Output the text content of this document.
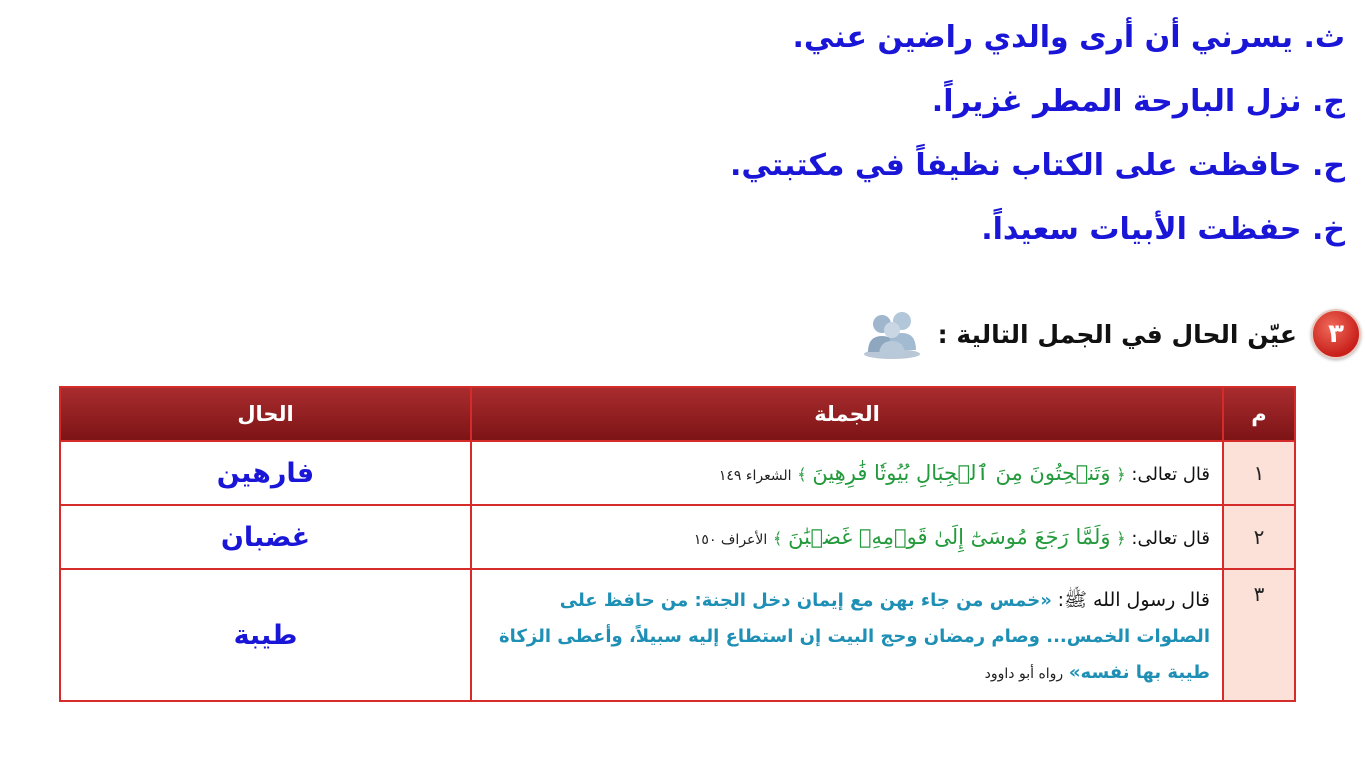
ث. يسرني أن أرى والدي راضين عني.
ج. نزل البارحة المطر غزيراً.
ح. حافظت على الكتاب نظيفاً في مكتبتي.
خ. حفظت الأبيات سعيداً.
٣
عيّن الحال في الجمل التالية :
م	الجملة	الحال
١	قال تعالى: ﴿ وَتَنۡحِتُونَ مِنَ ٱلۡجِبَالِ بُيُوتٗا فَٰرِهِينَ ﴾ الشعراء ١٤٩	فارهين
٢	قال تعالى: ﴿ وَلَمَّا رَجَعَ مُوسَىٰٓ إِلَىٰ قَوۡمِهِۦ غَضۡبَٰنَ ﴾ الأعراف ١٥٠	غضبان
٣	قال رسول الله ﷺ: «خمس من جاء بهن مع إيمان دخل الجنة: من حافظ على الصلوات الخمس... وصام رمضان وحج البيت إن استطاع إليه سبيلاً، وأعطى الزكاة طيبة بها نفسه» رواه أبو داوود	طيبة
